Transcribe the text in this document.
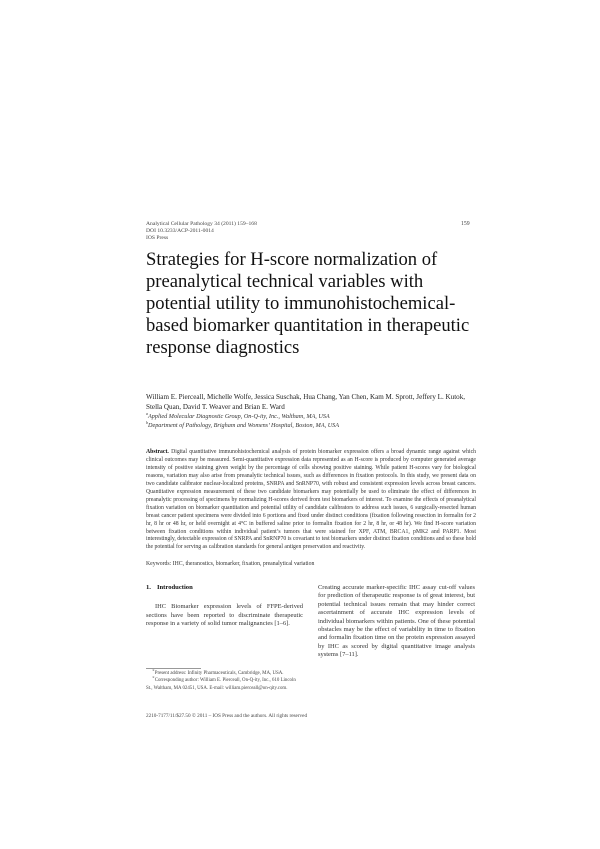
Analytical Cellular Pathology 34 (2011) 159–168
DOI 10.3233/ACP-2011-0014
IOS Press
159
Strategies for H-score normalization of preanalytical technical variables with potential utility to immunohistochemical-based biomarker quantitation in therapeutic response diagnostics
William E. Pierceall, Michelle Wolfe, Jessica Suschak, Hua Chang, Yan Chen, Kam M. Sprott, Jeffery L. Kutok, Stella Quan, David T. Weaver and Brian E. Ward
$^a$Applied Molecular Diagnostic Group, On-Q-ity, Inc., Waltham, MA, USA
$^b$Department of Pathology, Brigham and Womens’ Hospital, Boston, MA, USA
Abstract. Digital quantitative immunohistochemical analysis of protein biomarker expression offers a broad dynamic range against which clinical outcomes may be measured. Semi-quantitative expression data represented as an H-score is produced by computer generated average intensity of positive staining given weight by the percentage of cells showing positive staining. While patient H-scores vary for biological reasons, variation may also arise from preanalytic technical issues, such as differences in fixation protocols. In this study, we present data on two candidate calibrator nuclear-localized proteins, SNRPA and SnRNP70, with robust and consistent expression levels across breast cancers. Quantitative expression measurement of these two candidate biomarkers may potentially be used to eliminate the effect of differences in preanalytic processing of specimens by normalizing H-scores derived from test biomarkers of interest. To examine the effects of preanalytical fixation variation on biomarker quantitation and potential utility of candidate calibrators to address such issues, 6 surgically-resected human breast cancer patient specimens were divided into 6 portions and fixed under distinct conditions (fixation following resection in formalin for 2 hr, 8 hr or 48 hr, or held overnight at 4°C in buffered saline prior to formalin fixation for 2 hr, 8 hr, or 48 hr). We find H-score variation between fixation conditions within individual patient’s tumors that were stained for XPF, ATM, BRCA1, pMK2 and PARP1. Most interestingly, detectable expression of SNRPA and SnRNP70 is covariant to test biomarkers under distinct fixation conditions and so these hold the potential for serving as calibration standards for general antigen preservation and reactivity.
Keywords: IHC, theranostics, biomarker, fixation, preanalytical variation
1. Introduction

IHC Biomarker expression levels of FFPE-derived sections have been reported to discriminate therapeutic response in a variety of solid tumor malignancies [1–6].

Creating accurate marker-specific IHC assay cut-off values for prediction of therapeutic response is of great interest, but potential technical issues remain that may hinder correct ascertainment of accurate IHC expression levels of individual biomarkers within patients. One of these potential obstacles may be the effect of variability in time to fixation and formalin fixation time on the protein expression assayed by IHC as scored by digital quantitative image analysis systems [7–11].

∗Present address: Infinity Pharmaceuticals, Cambridge, MA, USA.

∗Corresponding author: William E. Pierceall, On-Q-ity, Inc., 610 Lincoln St., Waltham, MA 02451, USA. E-mail: william.pierceall@on-qity.com.

2210-7177/11/$27.50 © 2011 – IOS Press and the authors. All rights reserved
